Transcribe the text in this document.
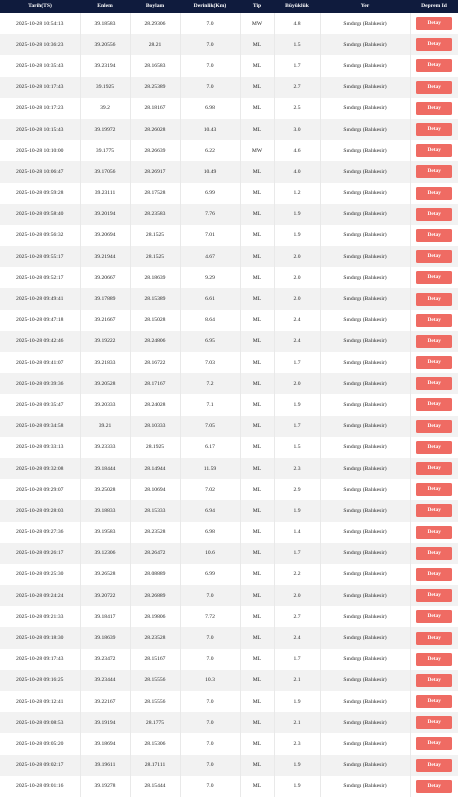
Tarih(TS)	Enlem	Boylam	Derinlik(Km)	Tip	Büyüklük	Yer	Deprem Id
2025-10-28 10:54:13	39.18583	28.29306	7.0	MW	4.8	Sındırgı (Balıkesir)	Detay
2025-10-28 10:36:23	39.20556	28.21	7.0	ML	1.5	Sındırgı (Balıkesir)	Detay
2025-10-28 10:35:43	39.23194	28.16583	7.0	ML	1.7	Sındırgı (Balıkesir)	Detay
2025-10-28 10:17:43	39.1925	28.25389	7.0	ML	2.7	Sındırgı (Balıkesir)	Detay
2025-10-28 10:17:23	39.2	28.18167	6.98	ML	2.5	Sındırgı (Balıkesir)	Detay
2025-10-28 10:15:43	39.19972	28.26028	10.43	ML	3.0	Sındırgı (Balıkesir)	Detay
2025-10-28 10:10:00	39.1775	28.26639	6.22	MW	4.6	Sındırgı (Balıkesir)	Detay
2025-10-28 10:06:47	39.17056	28.26917	10.49	ML	4.0	Sındırgı (Balıkesir)	Detay
2025-10-28 09:59:28	39.23111	28.17528	6.99	ML	1.2	Sındırgı (Balıkesir)	Detay
2025-10-28 09:58:40	39.20194	28.23583	7.76	ML	1.9	Sındırgı (Balıkesir)	Detay
2025-10-28 09:56:32	39.20694	28.1525	7.01	ML	1.9	Sındırgı (Balıkesir)	Detay
2025-10-28 09:55:17	39.21944	28.1525	4.67	ML	2.0	Sındırgı (Balıkesir)	Detay
2025-10-28 09:52:17	39.20667	28.18639	9.29	ML	2.0	Sındırgı (Balıkesir)	Detay
2025-10-28 09:49:41	39.17889	28.15389	6.61	ML	2.0	Sındırgı (Balıkesir)	Detay
2025-10-28 09:47:18	39.21667	28.15028	8.64	ML	2.4	Sındırgı (Balıkesir)	Detay
2025-10-28 09:42:46	39.19222	28.24806	6.95	ML	2.4	Sındırgı (Balıkesir)	Detay
2025-10-28 09:41:07	39.21833	28.16722	7.03	ML	1.7	Sındırgı (Balıkesir)	Detay
2025-10-28 09:39:36	39.20528	28.17167	7.2	ML	2.0	Sındırgı (Balıkesir)	Detay
2025-10-28 09:35:47	39.20333	28.24028	7.1	ML	1.9	Sındırgı (Balıkesir)	Detay
2025-10-28 09:34:58	39.21	28.10333	7.05	ML	1.7	Sındırgı (Balıkesir)	Detay
2025-10-28 09:33:13	39.23333	28.1925	6.17	ML	1.5	Sındırgı (Balıkesir)	Detay
2025-10-28 09:32:08	39.18444	28.14944	11.59	ML	2.3	Sındırgı (Balıkesir)	Detay
2025-10-28 09:29:07	39.25028	28.10694	7.02	ML	2.9	Sındırgı (Balıkesir)	Detay
2025-10-28 09:28:03	39.18833	28.15333	6.94	ML	1.9	Sındırgı (Balıkesir)	Detay
2025-10-28 09:27:36	39.19583	28.23528	6.98	ML	1.4	Sındırgı (Balıkesir)	Detay
2025-10-28 09:26:17	39.12306	28.26472	10.6	ML	1.7	Sındırgı (Balıkesir)	Detay
2025-10-28 09:25:30	39.26528	28.08889	6.99	ML	2.2	Sındırgı (Balıkesir)	Detay
2025-10-28 09:24:24	39.20722	28.26889	7.0	ML	2.0	Sındırgı (Balıkesir)	Detay
2025-10-28 09:21:33	39.18417	28.19806	7.72	ML	2.7	Sındırgı (Balıkesir)	Detay
2025-10-28 09:18:30	39.18639	28.23528	7.0	ML	2.4	Sındırgı (Balıkesir)	Detay
2025-10-28 09:17:43	39.23472	28.15167	7.0	ML	1.7	Sındırgı (Balıkesir)	Detay
2025-10-28 09:16:25	39.23444	28.15556	10.3	ML	2.1	Sındırgı (Balıkesir)	Detay
2025-10-28 09:12:41	39.22167	28.15556	7.0	ML	1.9	Sındırgı (Balıkesir)	Detay
2025-10-28 09:08:53	39.19194	28.1775	7.0	ML	2.1	Sındırgı (Balıkesir)	Detay
2025-10-28 09:05:20	39.18694	28.15306	7.0	ML	2.3	Sındırgı (Balıkesir)	Detay
2025-10-28 09:02:17	39.19611	28.17111	7.0	ML	1.9	Sındırgı (Balıkesir)	Detay
2025-10-28 09:01:16	39.19278	28.15444	7.0	ML	1.9	Sındırgı (Balıkesir)	Detay
